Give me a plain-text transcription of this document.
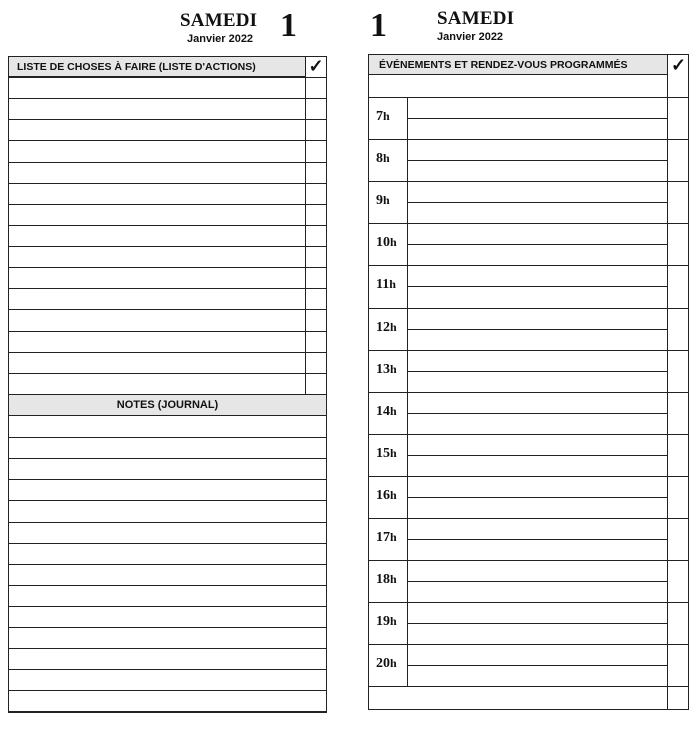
SAMEDI
Janvier 2022 1 1	SAMEDI
Janvier 2022
LISTE DE CHOSES À FAIRE (LISTE D'ACTIONS)	✓
NOTES (JOURNAL)
ÉVÉNEMENTS ET RENDEZ-VOUS PROGRAMMÉS ✓
7h
8h
9h
10h
11h
12h
13h
14h
15h
16h
17h
18h
19h
20h
